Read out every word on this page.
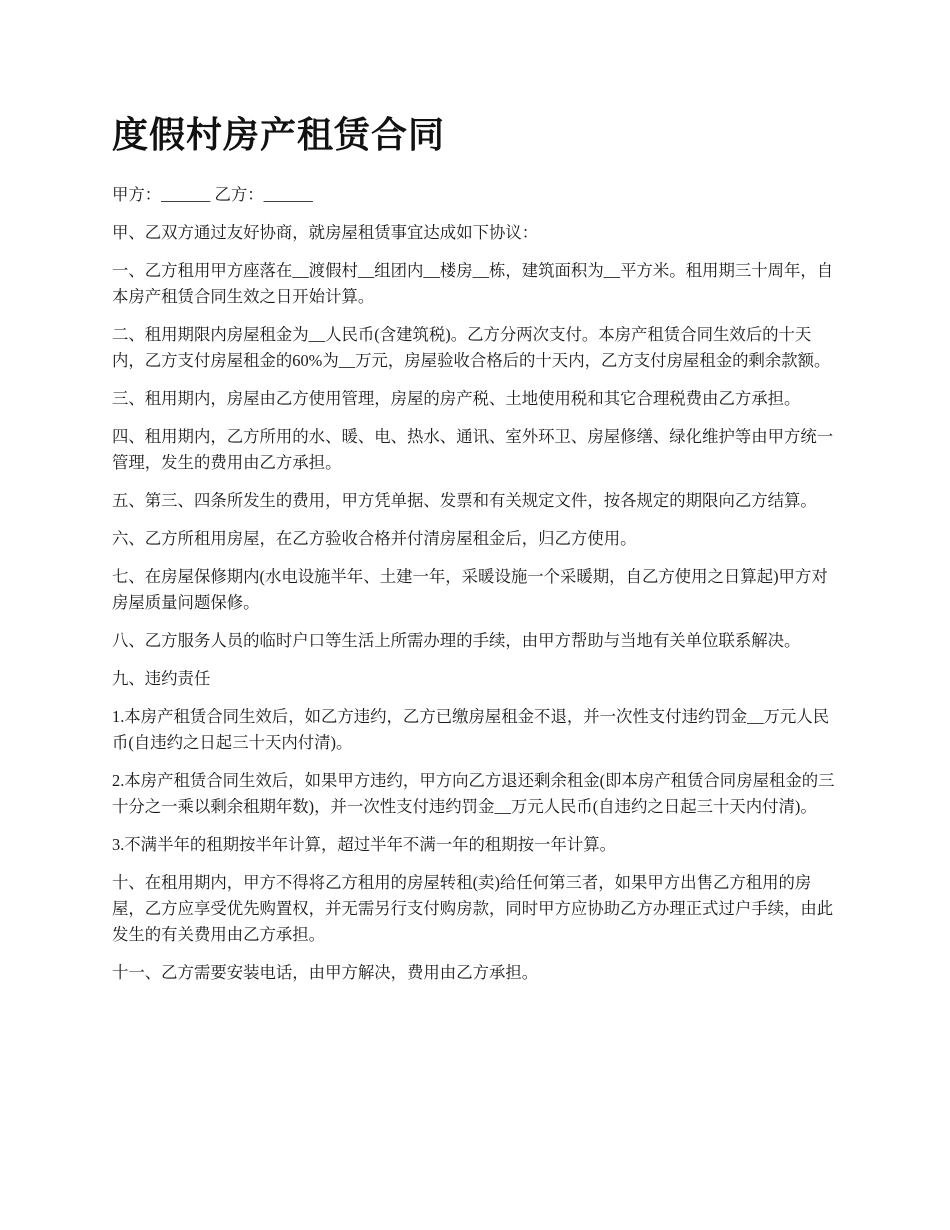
度假村房产租赁合同

甲方：______ 乙方：______

甲、乙双方通过友好协商，就房屋租赁事宜达成如下协议：

一、乙方租用甲方座落在__渡假村__组团内__楼房__栋，建筑面积为__平方米。租用期三十周年，自本房产租赁合同生效之日开始计算。

二、租用期限内房屋租金为__人民币(含建筑税)。乙方分两次支付。本房产租赁合同生效后的十天内，乙方支付房屋租金的60%为__万元，房屋验收合格后的十天内，乙方支付房屋租金的剩余款额。

三、租用期内，房屋由乙方使用管理，房屋的房产税、土地使用税和其它合理税费由乙方承担。

四、租用期内，乙方所用的水、暖、电、热水、通讯、室外环卫、房屋修缮、绿化维护等由甲方统一管理，发生的费用由乙方承担。

五、第三、四条所发生的费用，甲方凭单据、发票和有关规定文件，按各规定的期限向乙方结算。

六、乙方所租用房屋，在乙方验收合格并付清房屋租金后，归乙方使用。

七、在房屋保修期内(水电设施半年、土建一年，采暖设施一个采暖期，自乙方使用之日算起)甲方对房屋质量问题保修。

八、乙方服务人员的临时户口等生活上所需办理的手续，由甲方帮助与当地有关单位联系解决。

九、违约责任

1.本房产租赁合同生效后，如乙方违约，乙方已缴房屋租金不退，并一次性支付违约罚金__万元人民币(自违约之日起三十天内付清)。

2.本房产租赁合同生效后，如果甲方违约，甲方向乙方退还剩余租金(即本房产租赁合同房屋租金的三十分之一乘以剩余租期年数)，并一次性支付违约罚金__万元人民币(自违约之日起三十天内付清)。

3.不满半年的租期按半年计算，超过半年不满一年的租期按一年计算。

十、在租用期内，甲方不得将乙方租用的房屋转租(卖)给任何第三者，如果甲方出售乙方租用的房屋，乙方应享受优先购置权，并无需另行支付购房款，同时甲方应协助乙方办理正式过户手续，由此发生的有关费用由乙方承担。

十一、乙方需要安装电话，由甲方解决，费用由乙方承担。
